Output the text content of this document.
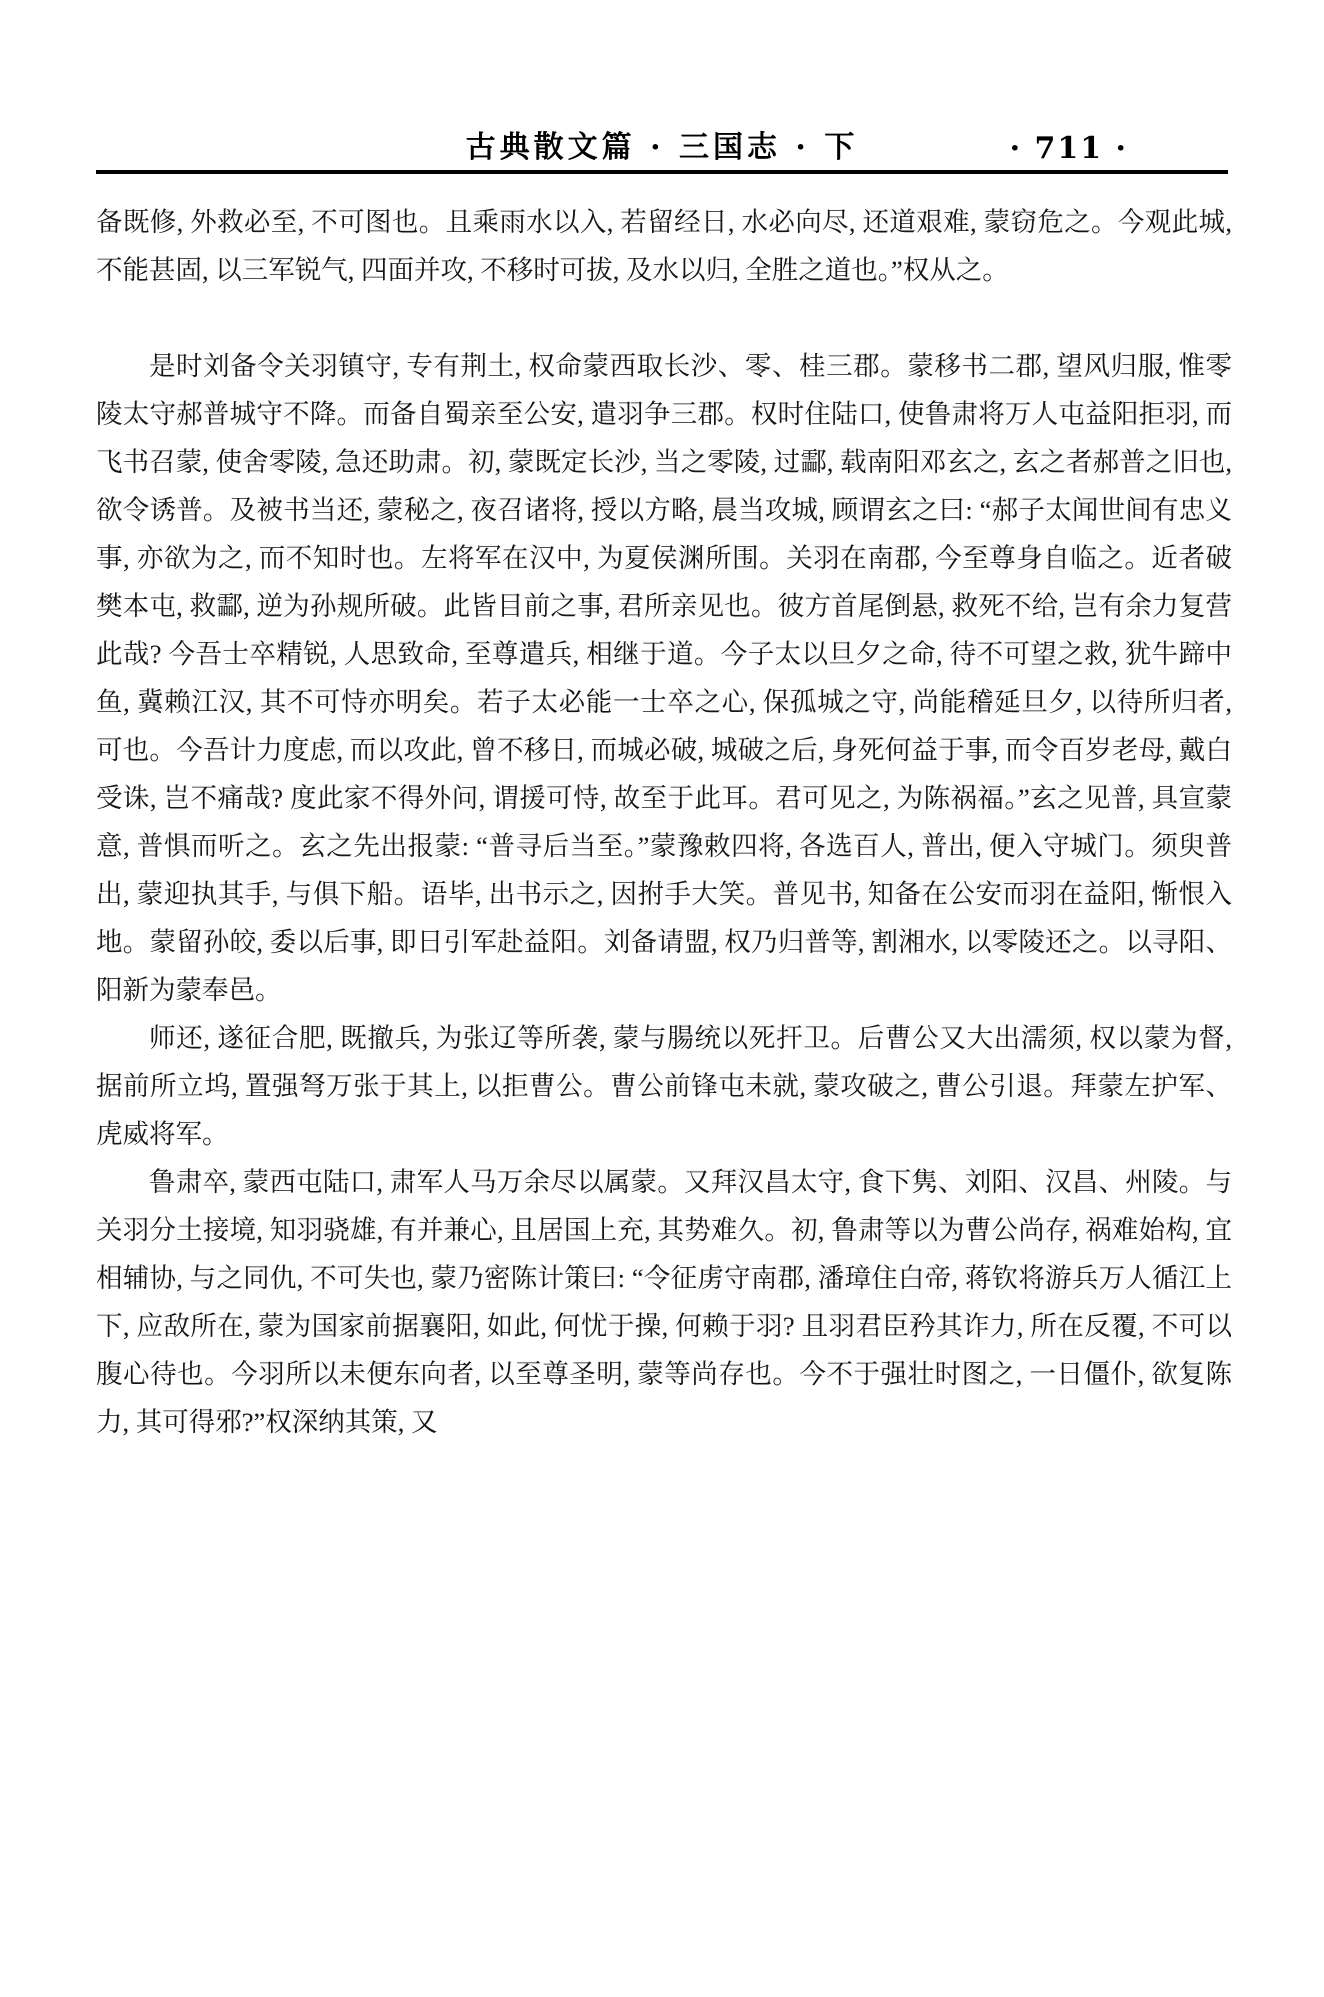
古典散文篇 · 三国志 · 下	· 711 ·

备既修, 外救必至, 不可图也。且乘雨水以入, 若留经日, 水必向尽, 还道艰难, 蒙窃危之。今观此城, 不能甚固, 以三军锐气, 四面并攻, 不移时可拔, 及水以归, 全胜之道也。”权从之。

是时刘备令关羽镇守, 专有荆土, 权命蒙西取长沙、零、桂三郡。蒙移书二郡, 望风归服, 惟零陵太守郝普城守不降。而备自蜀亲至公安, 遣羽争三郡。权时住陆口, 使鲁肃将万人屯益阳拒羽, 而飞书召蒙, 使舍零陵, 急还助肃。初, 蒙既定长沙, 当之零陵, 过酃, 载南阳邓玄之, 玄之者郝普之旧也, 欲令诱普。及被书当还, 蒙秘之, 夜召诸将, 授以方略, 晨当攻城, 顾谓玄之曰: “郝子太闻世间有忠义事, 亦欲为之, 而不知时也。左将军在汉中, 为夏侯渊所围。关羽在南郡, 今至尊身自临之。近者破樊本屯, 救酃, 逆为孙规所破。此皆目前之事, 君所亲见也。彼方首尾倒悬, 救死不给, 岂有余力复营此哉? 今吾士卒精锐, 人思致命, 至尊遣兵, 相继于道。今子太以旦夕之命, 待不可望之救, 犹牛蹄中鱼, 冀赖江汉, 其不可恃亦明矣。若子太必能一士卒之心, 保孤城之守, 尚能稽延旦夕, 以待所归者, 可也。今吾计力度虑, 而以攻此, 曾不移日, 而城必破, 城破之后, 身死何益于事, 而令百岁老母, 戴白受诛, 岂不痛哉? 度此家不得外问, 谓援可恃, 故至于此耳。君可见之, 为陈祸福。”玄之见普, 具宣蒙意, 普惧而听之。玄之先出报蒙: “普寻后当至。”蒙豫敕四将, 各选百人, 普出, 便入守城门。须臾普出, 蒙迎执其手, 与俱下船。语毕, 出书示之, 因拊手大笑。普见书, 知备在公安而羽在益阳, 惭恨入地。蒙留孙皎, 委以后事, 即日引军赴益阳。刘备请盟, 权乃归普等, 割湘水, 以零陵还之。以寻阳、阳新为蒙奉邑。

师还, 遂征合肥, 既撤兵, 为张辽等所袭, 蒙与腸统以死扞卫。后曹公又大出濡须, 权以蒙为督, 据前所立坞, 置强弩万张于其上, 以拒曹公。曹公前锋屯未就, 蒙攻破之, 曹公引退。拜蒙左护军、虎威将军。

鲁肃卒, 蒙西屯陆口, 肃军人马万余尽以属蒙。又拜汉昌太守, 食下隽、刘阳、汉昌、州陵。与关羽分土接境, 知羽骁雄, 有并兼心, 且居国上充, 其势难久。初, 鲁肃等以为曹公尚存, 祸难始构, 宜相辅协, 与之同仇, 不可失也, 蒙乃密陈计策曰: “令征虏守南郡, 潘璋住白帝, 蒋钦将游兵万人循江上下, 应敌所在, 蒙为国家前据襄阳, 如此, 何忧于操, 何赖于羽? 且羽君臣矜其诈力, 所在反覆, 不可以腹心待也。今羽所以未便东向者, 以至尊圣明, 蒙等尚存也。今不于强壮时图之, 一日僵仆, 欲复陈力, 其可得邪?”权深纳其策, 又
